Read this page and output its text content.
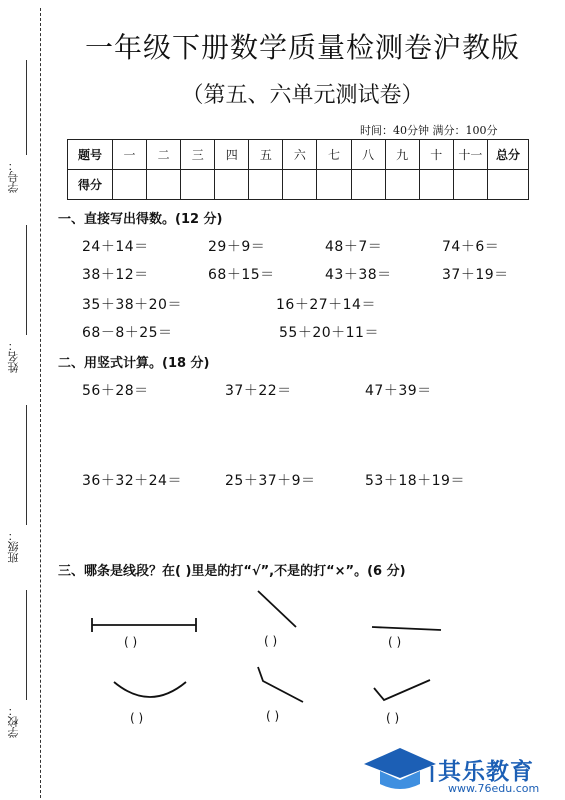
学号：
姓名：
班级：
学校：
一年级下册数学质量检测卷沪教版
（第五、六单元测试卷）
时间：40分钟 满分：100分
题号	一	二	三	四	五	六	七	八	九	十	十一	总分
得分												
一、直接写出得数。(12 分)
24＋14＝	29＋9＝	48＋7＝	74＋6＝
38＋12＝	68＋15＝	43＋38＝	37＋19＝
35＋38＋20＝	16＋27＋14＝
68－8＋25＝	55＋20＋11＝
二、用竖式计算。(18 分)
56＋28＝	37＋22＝	47＋39＝
36＋32＋24＝	25＋37＋9＝	53＋18＋19＝
三、哪条是线段？在( )里是的打“√”,不是的打“×”。(6 分)
( )	( )	( )
( )	( )	( )
其乐教育
www.76edu.com
